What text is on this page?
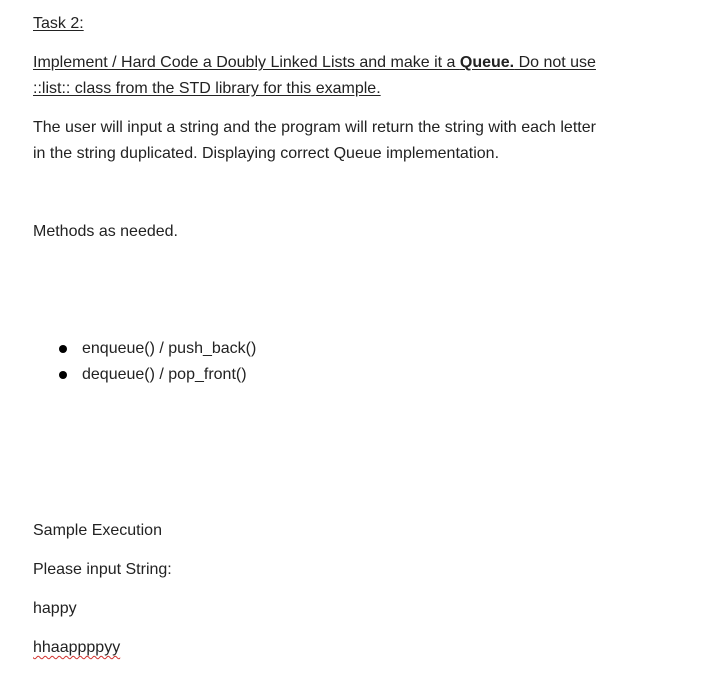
Task 2:
Implement / Hard Code a Doubly Linked Lists and make it a Queue. Do not use
::list:: class from the STD library for this example.
The user will input a string and the program will return the string with each letter
in the string duplicated. Displaying correct Queue implementation.
Methods as needed.
enqueue() / push_back()
dequeue() / pop_front()
Sample Execution
Please input String:
happy
hhaappppyy
